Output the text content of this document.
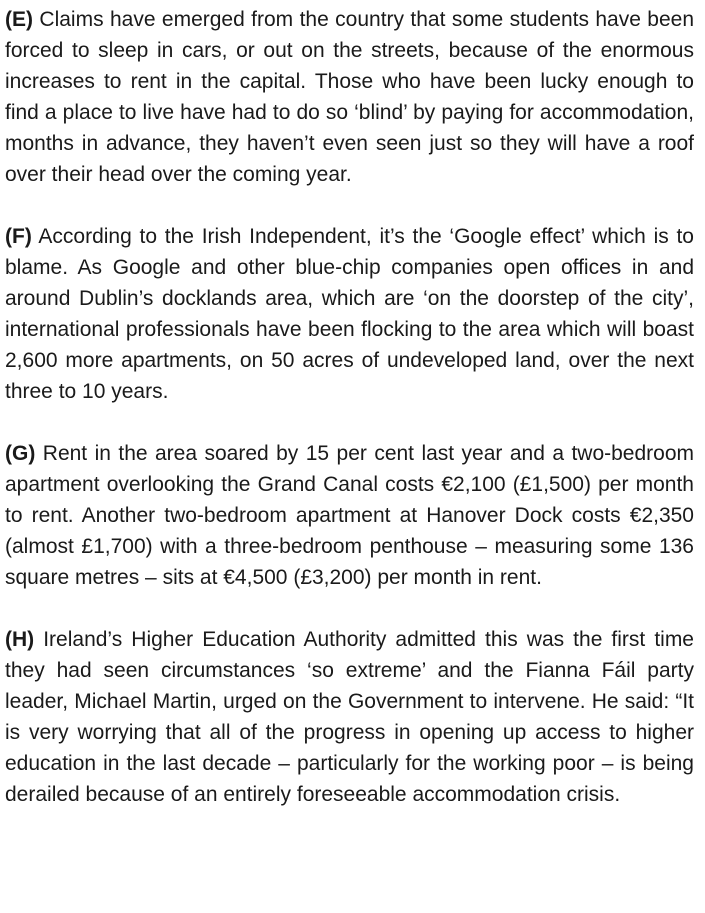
(E) Claims have emerged from the country that some students have been forced to sleep in cars, or out on the streets, because of the enormous increases to rent in the capital. Those who have been lucky enough to find a place to live have had to do so ‘blind’ by paying for accommodation, months in advance, they haven’t even seen just so they will have a roof over their head over the coming year.

(F) According to the Irish Independent, it’s the ‘Google effect’ which is to blame. As Google and other blue-chip companies open offices in and around Dublin’s docklands area, which are ‘on the doorstep of the city’, international professionals have been flocking to the area which will boast 2,600 more apartments, on 50 acres of undeveloped land, over the next three to 10 years.

(G) Rent in the area soared by 15 per cent last year and a two-bedroom apartment overlooking the Grand Canal costs €2,100 (£1,500) per month to rent. Another two-bedroom apartment at Hanover Dock costs €2,350 (almost £1,700) with a three-bedroom penthouse – measuring some 136 square metres – sits at €4,500 (£3,200) per month in rent.

(H) Ireland’s Higher Education Authority admitted this was the first time they had seen circumstances ‘so extreme’ and the Fianna Fáil party leader, Michael Martin, urged on the Government to intervene. He said: “It is very worrying that all of the progress in opening up access to higher education in the last decade – particularly for the working poor – is being derailed because of an entirely foreseeable accommodation crisis.
